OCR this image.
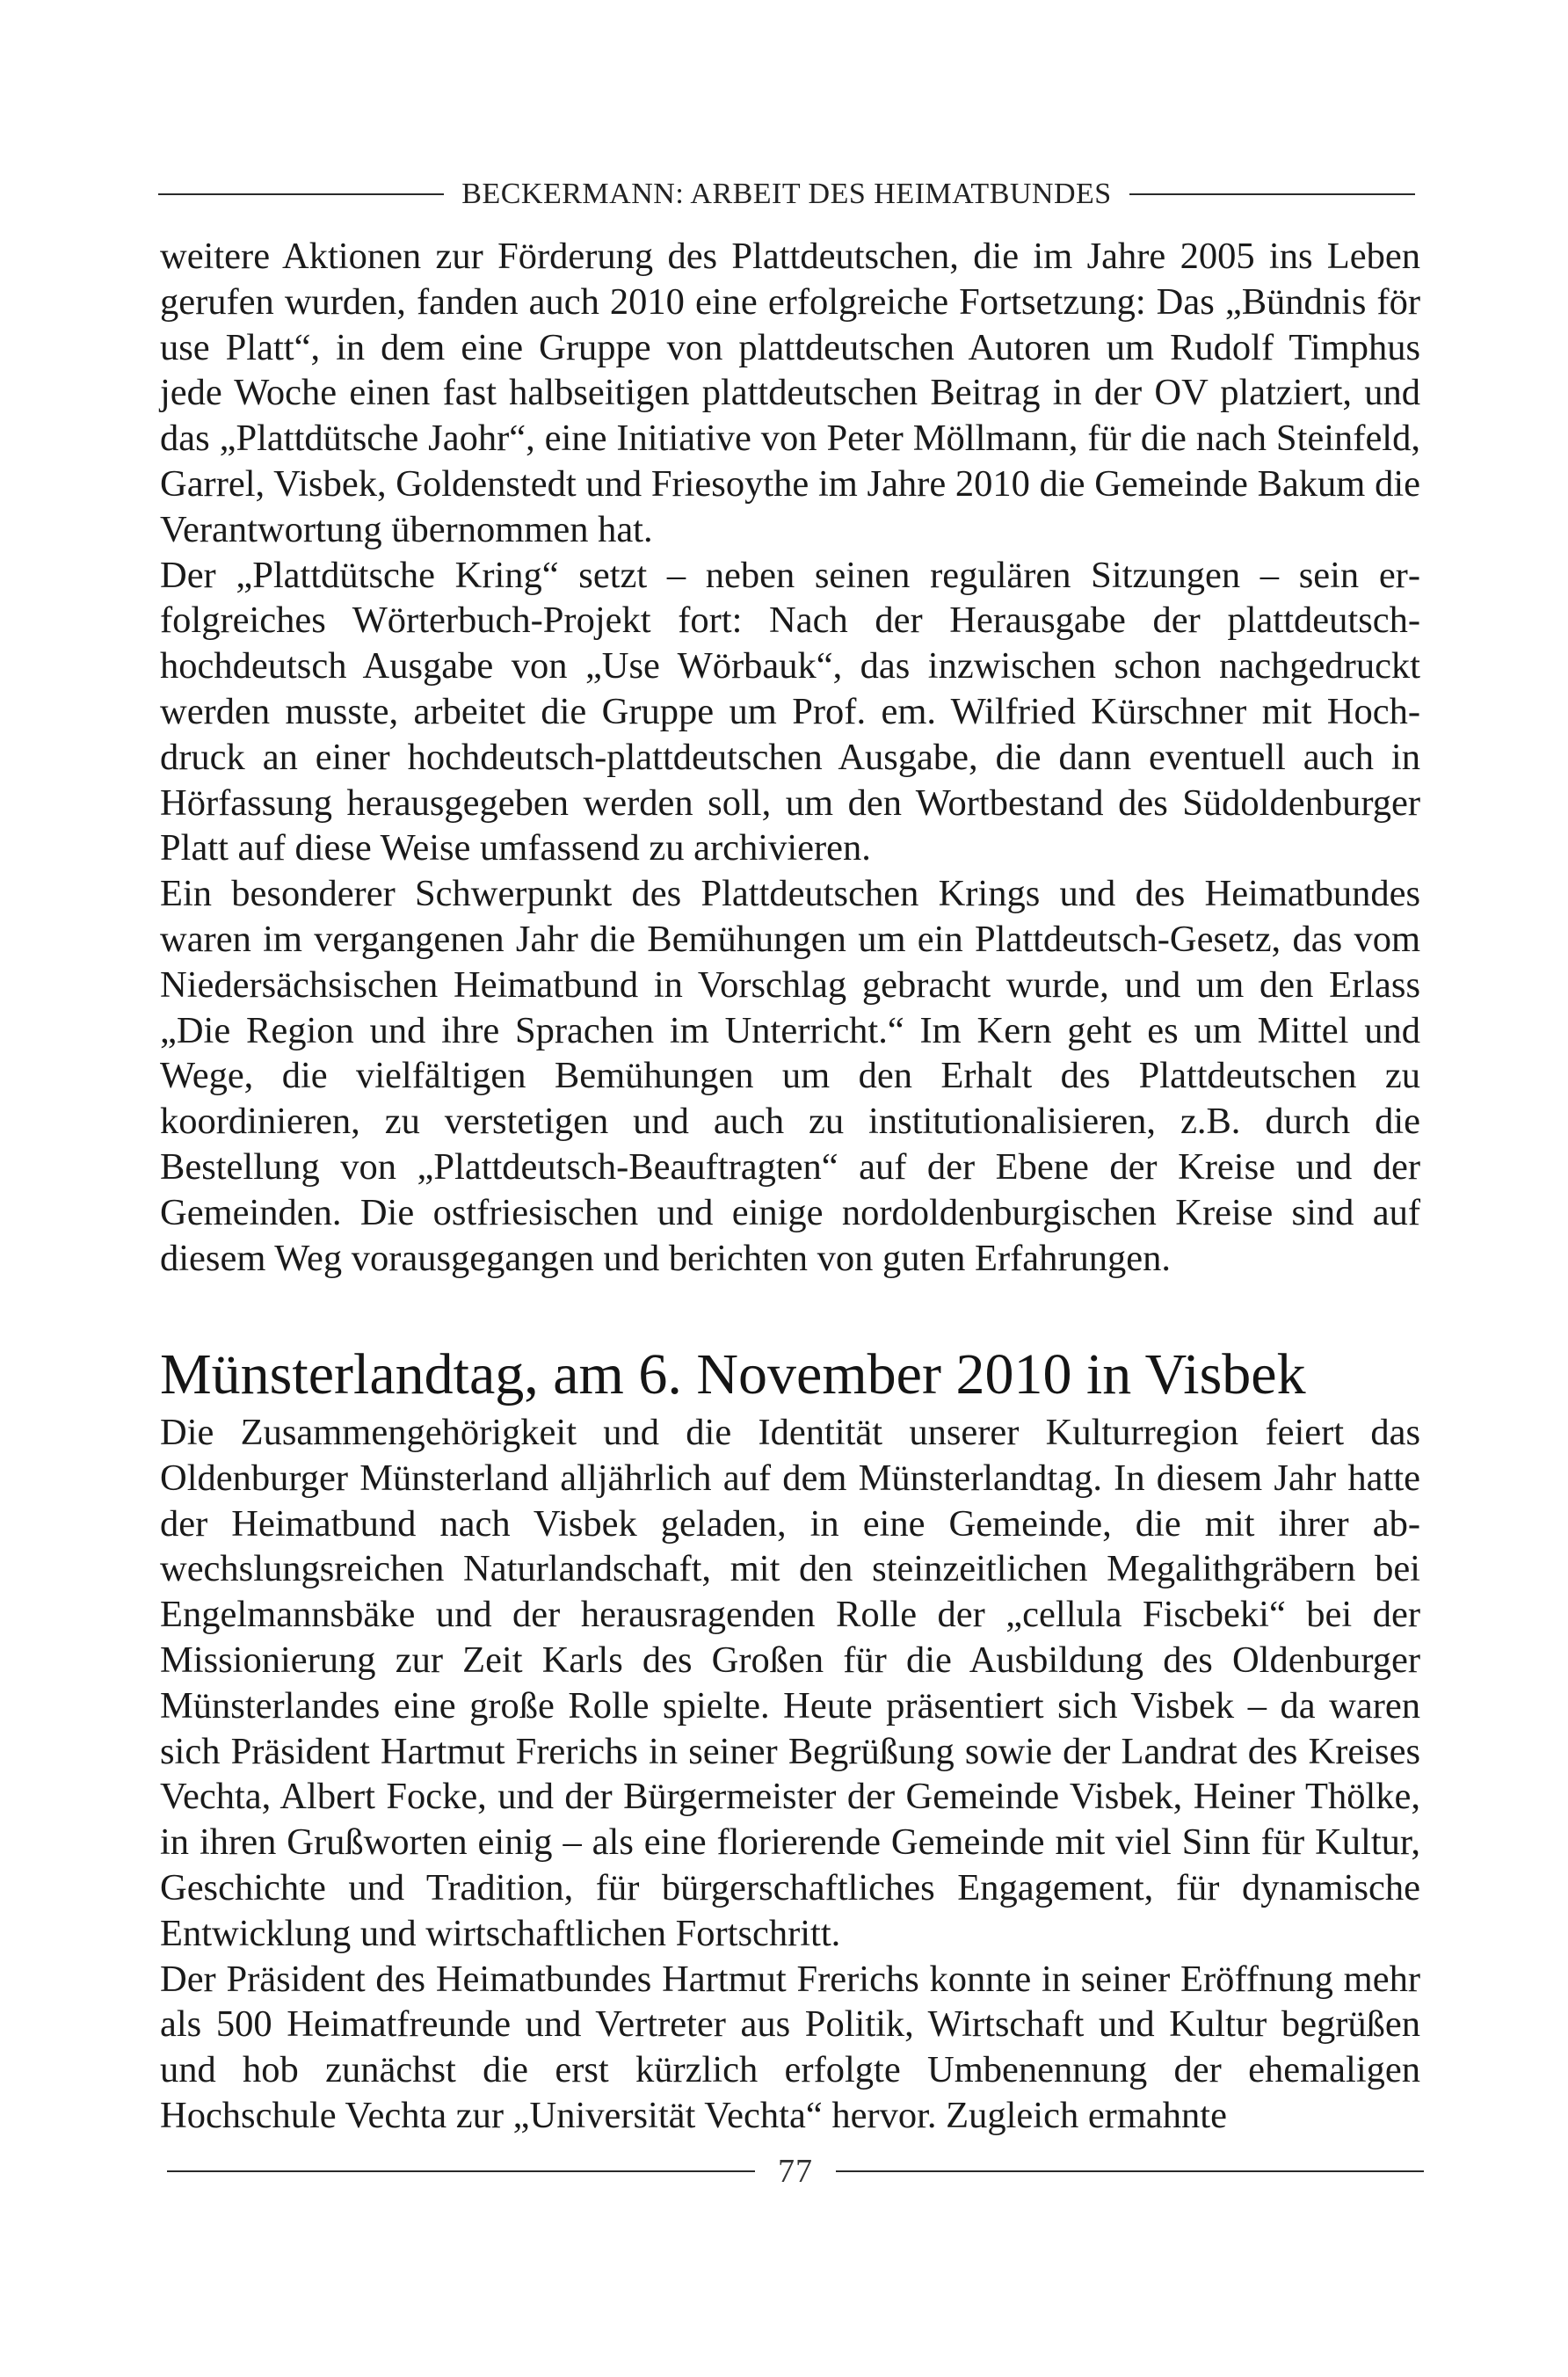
BECKERMANN: ARBEIT DES HEIMATBUNDES

weitere Aktionen zur Förderung des Plattdeutschen, die im Jahre 2005 ins Leben gerufen wurden, fanden auch 2010 eine erfolgreiche Fortsetzung: Das „Bündnis för use Platt“, in dem eine Gruppe von plattdeutschen Autoren um Rudolf Timphus jede Woche einen fast halbseitigen plattdeutschen Beitrag in der OV platziert, und das „Plattdütsche Jaohr“, eine Initiative von Peter Möllmann, für die nach Steinfeld, Garrel, Visbek, Goldenstedt und Friesoythe im Jahre 2010 die Gemeinde Bakum die Verantwortung übernommen hat.

Der „Plattdütsche Kring“ setzt – neben seinen regulären Sitzungen – sein erfolgreiches Wörterbuch-Projekt fort: Nach der Herausgabe der plattdeutsch-hochdeutsch Ausgabe von „Use Wörbauk“, das inzwischen schon nachgedruckt werden musste, arbeitet die Gruppe um Prof. em. Wilfried Kürschner mit Hochdruck an einer hochdeutsch-plattdeutschen Ausgabe, die dann eventuell auch in Hörfassung herausgegeben werden soll, um den Wortbestand des Südoldenburger Platt auf diese Weise umfassend zu archivieren.

Ein besonderer Schwerpunkt des Plattdeutschen Krings und des Heimatbundes waren im vergangenen Jahr die Bemühungen um ein Plattdeutsch-Gesetz, das vom Niedersächsischen Heimatbund in Vorschlag gebracht wurde, und um den Erlass „Die Region und ihre Sprachen im Unterricht.“ Im Kern geht es um Mittel und Wege, die vielfältigen Bemühungen um den Erhalt des Plattdeutschen zu koordinieren, zu verstetigen und auch zu institutionalisieren, z.B. durch die Bestellung von „Plattdeutsch-Beauftragten“ auf der Ebene der Kreise und der Gemeinden. Die ostfriesischen und einige nordoldenburgischen Kreise sind auf diesem Weg vorausgegangen und berichten von guten Erfahrungen.

Münsterlandtag, am 6. November 2010 in Visbek

Die Zusammengehörigkeit und die Identität unserer Kulturregion feiert das Oldenburger Münsterland alljährlich auf dem Münsterlandtag. In diesem Jahr hatte der Heimatbund nach Visbek geladen, in eine Gemeinde, die mit ihrer abwechslungsreichen Naturlandschaft, mit den steinzeitlichen Megalithgräbern bei Engelmannsbäke und der herausragenden Rolle der „cellula Fiscbeki“ bei der Missionierung zur Zeit Karls des Großen für die Ausbildung des Oldenburger Münsterlandes eine große Rolle spielte. Heute präsentiert sich Visbek – da waren sich Präsident Hartmut Frerichs in seiner Begrüßung sowie der Landrat des Kreises Vechta, Albert Focke, und der Bürgermeister der Gemeinde Visbek, Heiner Thölke, in ihren Grußworten einig – als eine florierende Gemeinde mit viel Sinn für Kultur, Geschichte und Tradition, für bürgerschaftliches Engagement, für dynamische Entwicklung und wirtschaftlichen Fortschritt.

Der Präsident des Heimatbundes Hartmut Frerichs konnte in seiner Eröffnung mehr als 500 Heimatfreunde und Vertreter aus Politik, Wirtschaft und Kultur begrüßen und hob zunächst die erst kürzlich erfolgte Umbenennung der ehemaligen Hochschule Vechta zur „Universität Vechta“ hervor. Zugleich ermahnte

77
